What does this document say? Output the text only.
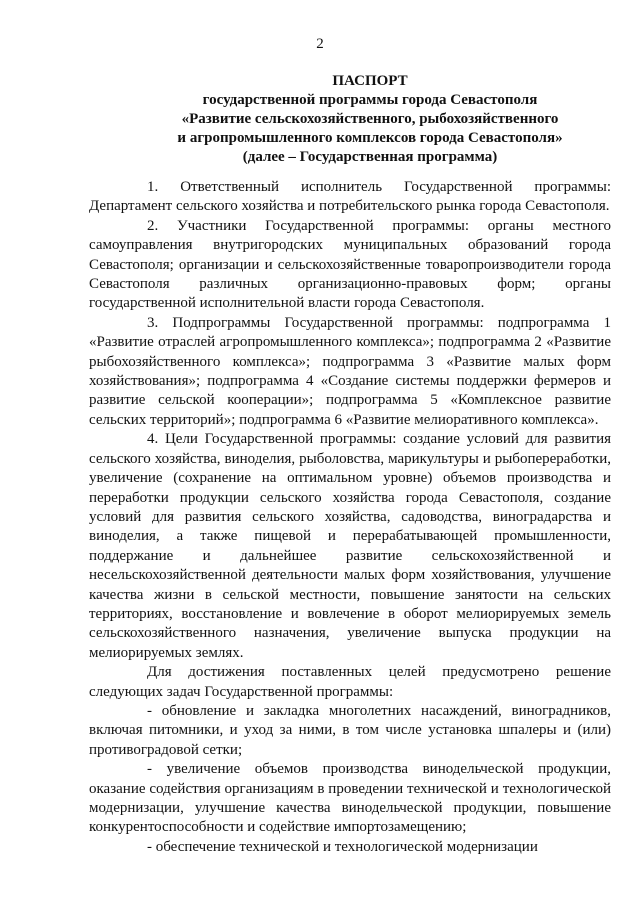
2
ПАСПОРТ
государственной программы города Севастополя
«Развитие сельскохозяйственного, рыбохозяйственного
и агропромышленного комплексов города Севастополя»
(далее – Государственная программа)

1. Ответственный исполнитель Государственной программы: Департамент сельского хозяйства и потребительского рынка города Севастополя.

2. Участники Государственной программы: органы местного самоуправления внутригородских муниципальных образований города Севастополя; организации и сельскохозяйственные товаропроизводители города Севастополя различных организационно-правовых форм; органы государственной исполнительной власти города Севастополя.

3. Подпрограммы Государственной программы: подпрограмма 1 «Развитие отраслей агропромышленного комплекса»; подпрограмма 2 «Развитие рыбохозяйственного комплекса»; подпрограмма 3 «Развитие малых форм хозяйствования»; подпрограмма 4 «Создание системы поддержки фермеров и развитие сельской кооперации»; подпрограмма 5 «Комплексное развитие сельских территорий»; подпрограмма 6 «Развитие мелиоративного комплекса».

4. Цели Государственной программы: создание условий для развития сельского хозяйства, виноделия, рыболовства, марикультуры и рыбопереработки, увеличение (сохранение на оптимальном уровне) объемов производства и переработки продукции сельского хозяйства города Севастополя, создание условий для развития сельского хозяйства, садоводства, виноградарства и виноделия, а также пищевой и перерабатывающей промышленности, поддержание и дальнейшее развитие сельскохозяйственной и несельскохозяйственной деятельности малых форм хозяйствования, улучшение качества жизни в сельской местности, повышение занятости на сельских территориях, восстановление и вовлечение в оборот мелиорируемых земель сельскохозяйственного назначения, увеличение выпуска продукции на мелиорируемых землях.

Для достижения поставленных целей предусмотрено решение следующих задач Государственной программы:

- обновление и закладка многолетних насаждений, виноградников, включая питомники, и уход за ними, в том числе установка шпалеры и (или) противоградовой сетки;

- увеличение объемов производства винодельческой продукции, оказание содействия организациям в проведении технической и технологической модернизации, улучшение качества винодельческой продукции, повышение конкурентоспособности и содействие импортозамещению;

- обеспечение технической и технологической модернизации
